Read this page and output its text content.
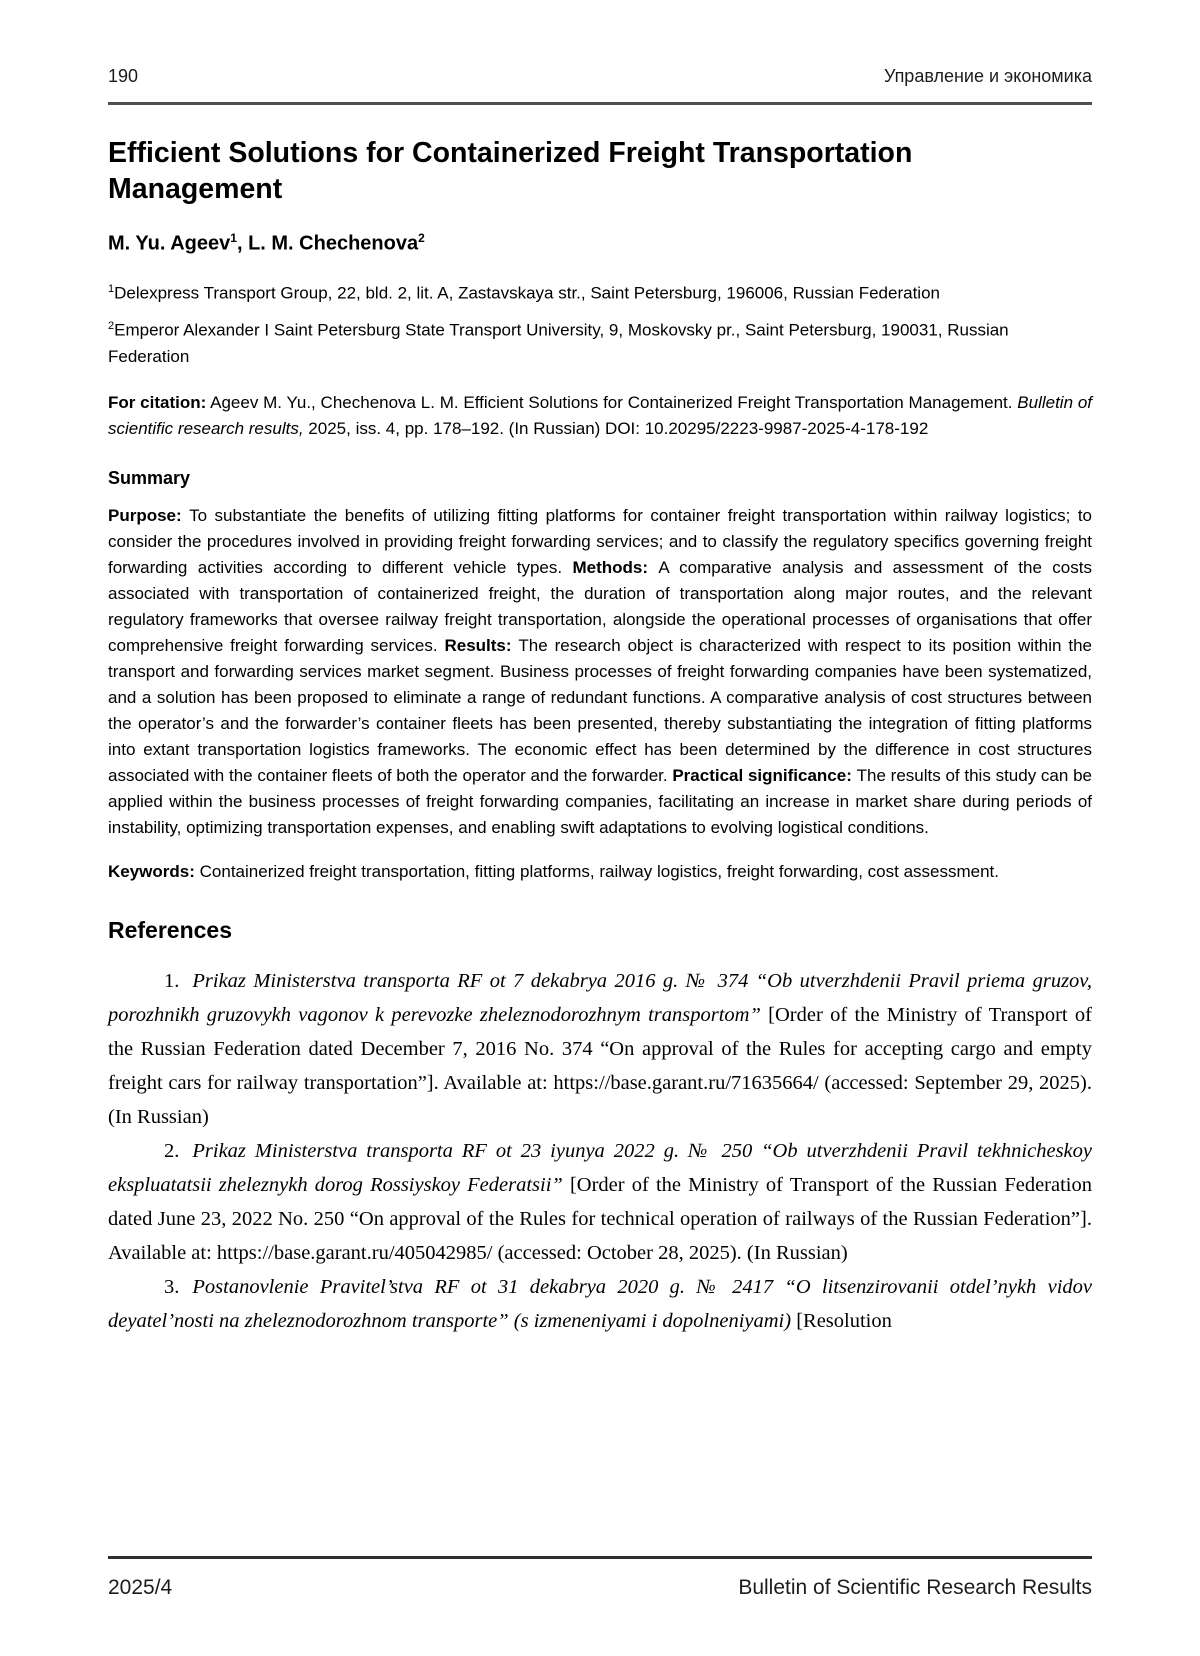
190	Управление и экономика
Efficient Solutions for Containerized Freight Transportation Management

M. Yu. Ageev$^1$, L. M. Chechenova$^2$

$^1$Delexpress Transport Group, 22, bld. 2, lit. A, Zastavskaya str., Saint Petersburg, 196006, Russian Federation

$^2$Emperor Alexander I Saint Petersburg State Transport University, 9, Moskovsky pr., Saint Petersburg, 190031, Russian Federation

For citation: Ageev M. Yu., Chechenova L. M. Efficient Solutions for Containerized Freight Transportation Management. Bulletin of scientific research results, 2025, iss. 4, pp. 178–192. (In Russian) DOI: 10.20295/2223-9987-2025-4-178-192

Summary

Purpose: To substantiate the benefits of utilizing fitting platforms for container freight transportation within railway logistics; to consider the procedures involved in providing freight forwarding services; and to classify the regulatory specifics governing freight forwarding activities according to different vehicle types. Methods: A comparative analysis and assessment of the costs associated with transportation of containerized freight, the duration of transportation along major routes, and the relevant regulatory frameworks that oversee railway freight transportation, alongside the operational processes of organisations that offer comprehensive freight forwarding services. Results: The research object is characterized with respect to its position within the transport and forwarding services market segment. Business processes of freight forwarding companies have been systematized, and a solution has been proposed to eliminate a range of redundant functions. A comparative analysis of cost structures between the operator’s and the forwarder’s container fleets has been presented, thereby substantiating the integration of fitting platforms into extant transportation logistics frameworks. The economic effect has been determined by the difference in cost structures associated with the container fleets of both the operator and the forwarder. Practical significance: The results of this study can be applied within the business processes of freight forwarding companies, facilitating an increase in market share during periods of instability, optimizing transportation expenses, and enabling swift adaptations to evolving logistical conditions.

Keywords: Containerized freight transportation, fitting platforms, railway logistics, freight forwarding, cost assessment.

References

1. Prikaz Ministerstva transporta RF ot 7 dekabrya 2016 g. № 374 “Ob utverzhdenii Pravil priema gruzov, porozhnikh gruzovykh vagonov k perevozke zheleznodorozhnym transportom” [Order of the Ministry of Transport of the Russian Federation dated December 7, 2016 No. 374 “On approval of the Rules for accepting cargo and empty freight cars for railway transportation”]. Available at: https://base.garant.ru/71635664/ (accessed: September 29, 2025). (In Russian)

2. Prikaz Ministerstva transporta RF ot 23 iyunya 2022 g. № 250 “Ob utverzhdenii Pravil tekhnicheskoy ekspluatatsii zheleznykh dorog Rossiyskoy Federatsii” [Order of the Ministry of Transport of the Russian Federation dated June 23, 2022 No. 250 “On approval of the Rules for technical operation of railways of the Russian Federation”]. Available at: https://base.garant.ru/405042985/ (accessed: October 28, 2025). (In Russian)

3. Postanovlenie Pravitel’stva RF ot 31 dekabrya 2020 g. № 2417 “O litsenzirovanii otdel’nykh vidov deyatel’nosti na zheleznodorozhnom transporte” (s izmeneniyami i dopolneniyami) [Resolution

2025/4	Bulletin of Scientific Research Results
